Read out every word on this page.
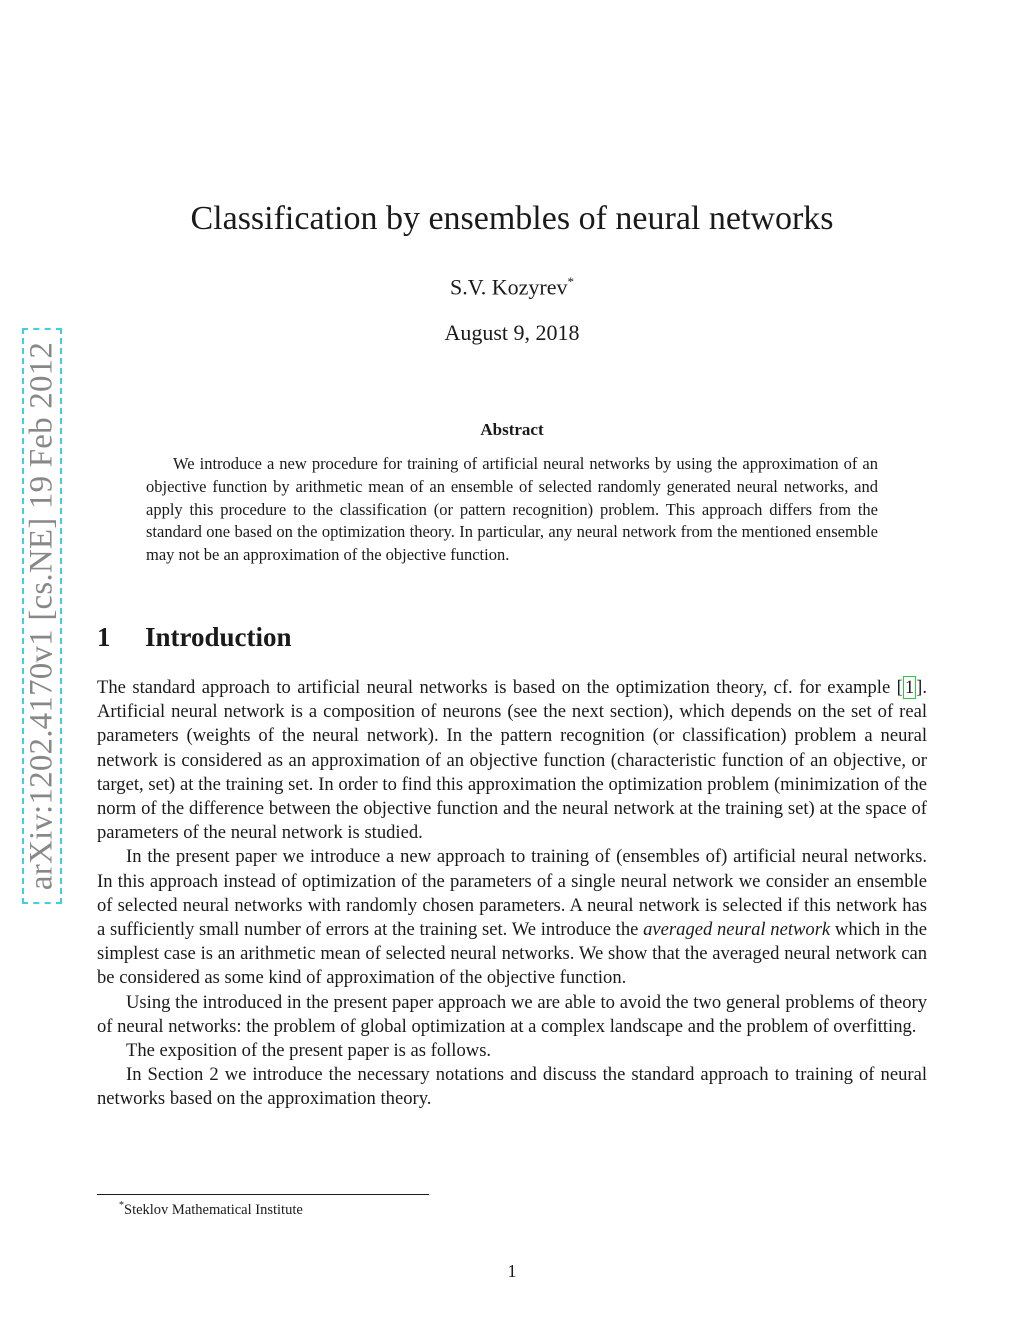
arXiv:1202.4170v1 [cs.NE] 19 Feb 2012
Classification by ensembles of neural networks
S.V. Kozyrev*
August 9, 2018
Abstract

We introduce a new procedure for training of artificial neural networks by using the approximation of an objective function by arithmetic mean of an ensemble of selected randomly generated neural networks, and apply this procedure to the classification (or pattern recognition) problem. This approach differs from the standard one based on the optimization theory. In particular, any neural network from the mentioned ensemble may not be an approximation of the objective function.

1 Introduction

The standard approach to artificial neural networks is based on the optimization theory, cf. for example [ 1 ]. Artificial neural network is a composition of neurons (see the next section), which depends on the set of real parameters (weights of the neural network). In the pattern recognition (or classification) problem a neural network is considered as an approximation of an objective function (characteristic function of an objective, or target, set) at the training set. In order to find this approximation the optimization problem (minimization of the norm of the difference between the objective function and the neural network at the training set) at the space of parameters of the neural network is studied.

In the present paper we introduce a new approach to training of (ensembles of) artificial neural networks. In this approach instead of optimization of the parameters of a single neural network we consider an ensemble of selected neural networks with randomly chosen parameters. A neural network is selected if this network has a sufficiently small number of errors at the training set. We introduce the averaged neural network which in the simplest case is an arithmetic mean of selected neural networks. We show that the averaged neural network can be considered as some kind of approximation of the objective function.

Using the introduced in the present paper approach we are able to avoid the two general problems of theory of neural networks: the problem of global optimization at a complex landscape and the problem of overfitting.

The exposition of the present paper is as follows.

In Section 2 we introduce the necessary notations and discuss the standard approach to training of neural networks based on the approximation theory.

*Steklov Mathematical Institute
1
